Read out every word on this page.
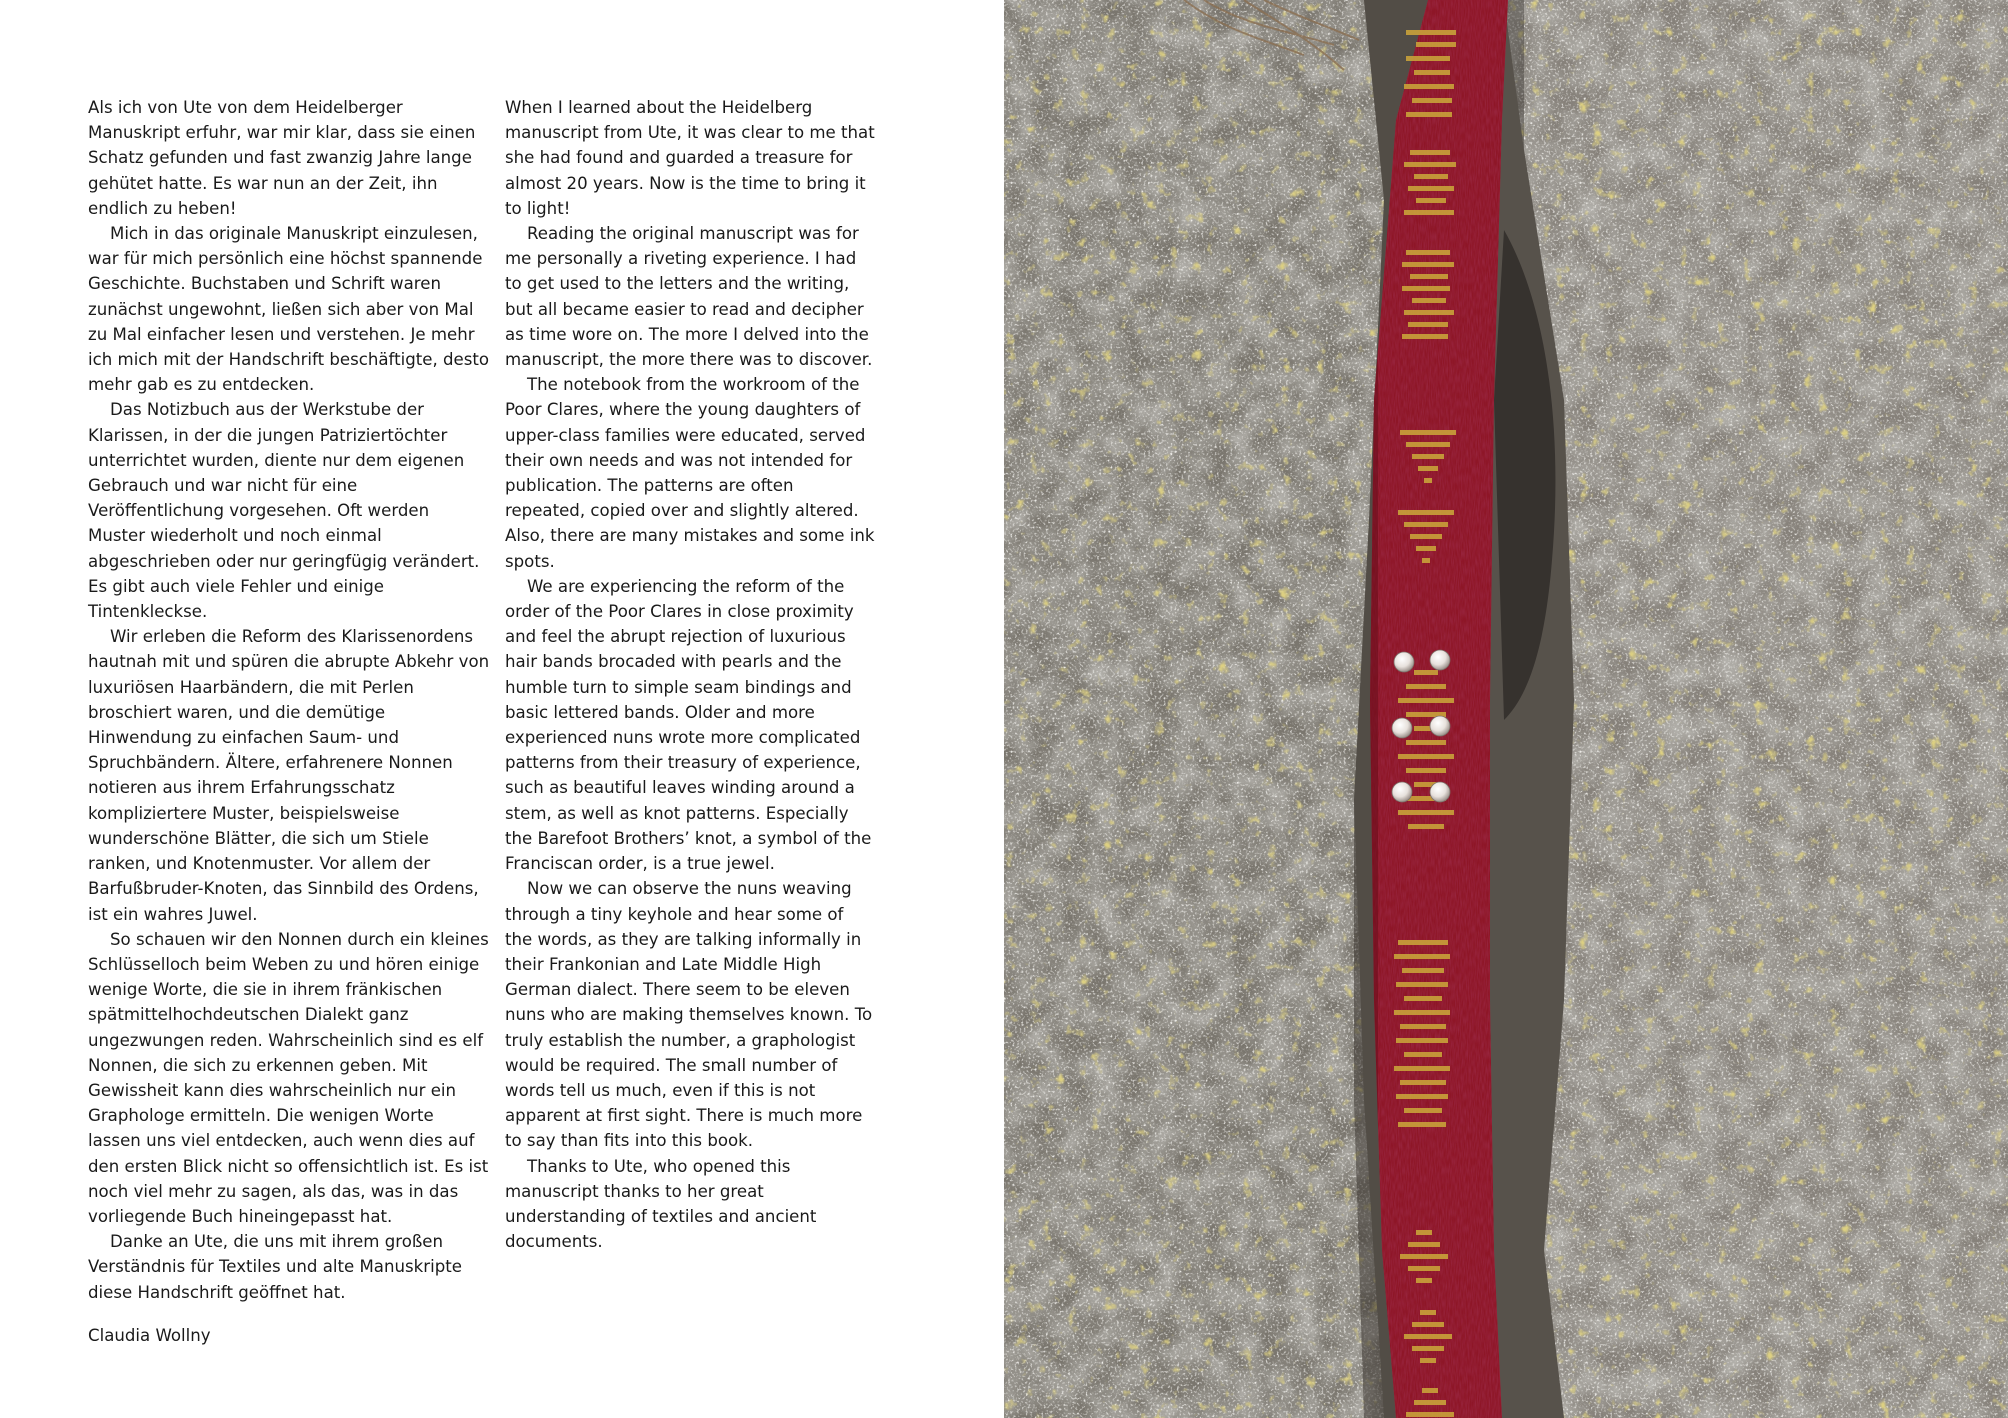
Als ich von Ute von dem Heidelberger Manuskript erfuhr, war mir klar, dass sie einen Schatz gefunden und fast zwanzig Jahre lange gehütet hatte. Es war nun an der Zeit, ihn endlich zu heben!

Mich in das originale Manuskript einzulesen, war für mich persönlich eine höchst spannende Geschichte. Buchstaben und Schrift waren zunächst ungewohnt, ließen sich aber von Mal zu Mal einfacher lesen und verstehen. Je mehr ich mich mit der Handschrift beschäftigte, desto mehr gab es zu entdecken.

Das Notizbuch aus der Werkstube der Klarissen, in der die jungen Patriziertöchter unterrichtet wurden, diente nur dem eigenen Gebrauch und war nicht für eine Veröffentlichung vorgesehen. Oft werden Muster wiederholt und noch einmal abgeschrieben oder nur geringfügig verändert. Es gibt auch viele Fehler und einige Tintenkleckse.

Wir erleben die Reform des Klarissenordens hautnah mit und spüren die abrupte Abkehr von luxuriösen Haarbändern, die mit Perlen broschiert waren, und die demütige Hinwendung zu einfachen Saum- und Spruchbändern. Ältere, erfahrenere Nonnen notieren aus ihrem Erfahrungsschatz kompliziertere Muster, beispielsweise wunderschöne Blätter, die sich um Stiele ranken, und Knotenmuster. Vor allem der Barfußbruder-Knoten, das Sinnbild des Ordens, ist ein wahres Juwel.

So schauen wir den Nonnen durch ein kleines Schlüsselloch beim Weben zu und hören einige wenige Worte, die sie in ihrem fränkischen spätmittelhochdeutschen Dialekt ganz ungezwungen reden. Wahrscheinlich sind es elf Nonnen, die sich zu erkennen geben. Mit Gewissheit kann dies wahrscheinlich nur ein Graphologe ermitteln. Die wenigen Worte lassen uns viel entdecken, auch wenn dies auf den ersten Blick nicht so offensichtlich ist. Es ist noch viel mehr zu sagen, als das, was in das vorliegende Buch hineingepasst hat.

Danke an Ute, die uns mit ihrem großen Verständnis für Textiles und alte Manuskripte diese Handschrift geöffnet hat.

Claudia Wollny

When I learned about the Heidelberg manuscript from Ute, it was clear to me that she had found and guarded a treasure for almost 20 years. Now is the time to bring it to light!

Reading the original manuscript was for me personally a riveting experience. I had to get used to the letters and the writing, but all became easier to read and decipher as time wore on. The more I delved into the manuscript, the more there was to discover.

The notebook from the workroom of the Poor Clares, where the young daughters of upper-class families were educated, served their own needs and was not intended for publication. The patterns are often repeated, copied over and slightly altered. Also, there are many mistakes and some ink spots.

We are experiencing the reform of the order of the Poor Clares in close proximity and feel the abrupt rejection of luxurious hair bands brocaded with pearls and the humble turn to simple seam bindings and basic lettered bands. Older and more experienced nuns wrote more complicated patterns from their treasury of experience, such as beautiful leaves winding around a stem, as well as knot patterns. Especially the Barefoot Brothers’ knot, a symbol of the Franciscan order, is a true jewel.

Now we can observe the nuns weaving through a tiny keyhole and hear some of the words, as they are talking informally in their Frankonian and Late Middle High German dialect. There seem to be eleven nuns who are making themselves known. To truly establish the number, a graphologist would be required. The small number of words tell us much, even if this is not apparent at first sight. There is much more to say than fits into this book.

Thanks to Ute, who opened this manuscript thanks to her great understanding of textiles and ancient documents.
